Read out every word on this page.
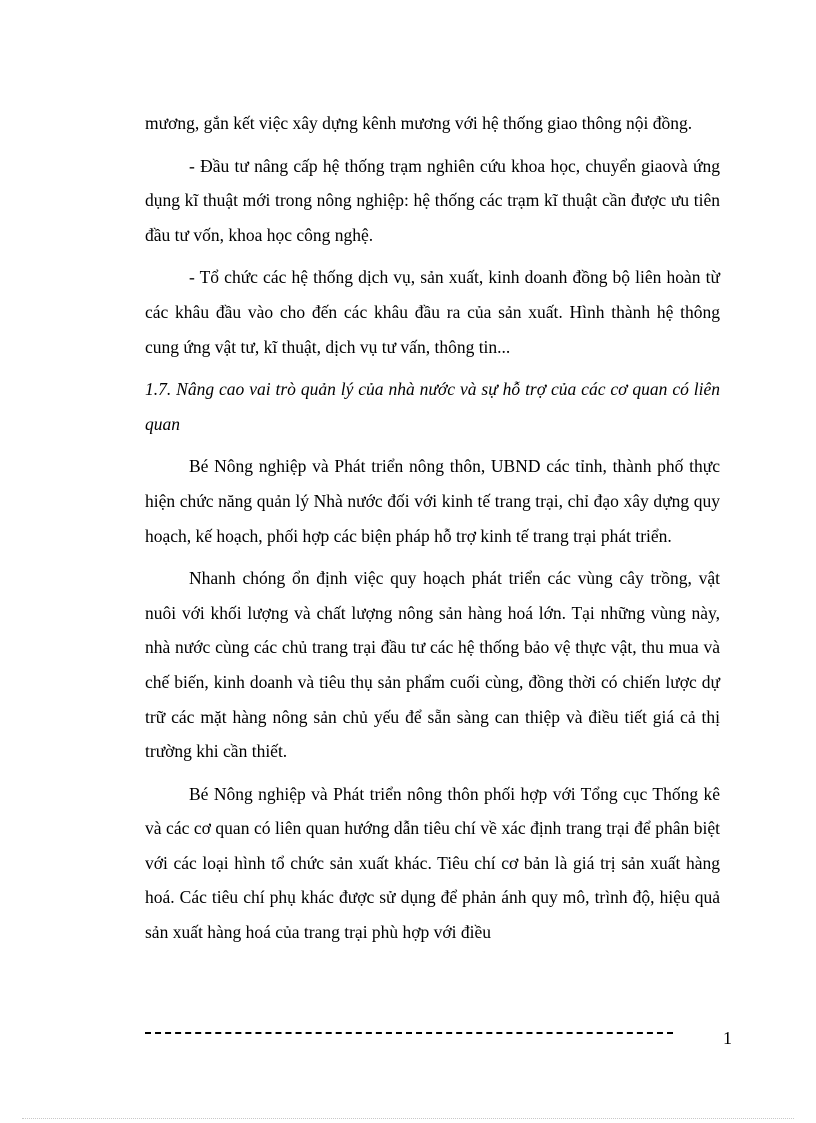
mương, gắn kết việc xây dựng kênh mương với hệ thống giao thông nội đồng.

- Đầu tư nâng cấp hệ thống trạm nghiên cứu khoa học, chuyển giaovà ứng dụng kĩ thuật mới trong nông nghiệp: hệ thống các trạm kĩ thuật cần được ưu tiên đầu tư vốn, khoa học công nghệ.

- Tổ chức các hệ thống dịch vụ, sản xuất, kinh doanh đồng bộ liên hoàn từ các khâu đầu vào cho đến các khâu đầu ra của sản xuất. Hình thành hệ thông cung ứng vật tư, kĩ thuật, dịch vụ tư vấn, thông tin...

1.7. Nâng cao vai trò quản lý của nhà nước và sự hỗ trợ của các cơ quan có liên quan

Bé Nông nghiệp và Phát triển nông thôn, UBND các tỉnh, thành phố thực hiện chức năng quản lý Nhà nước đối với kinh tế trang trại, chỉ đạo xây dựng quy hoạch, kế hoạch, phối hợp các biện pháp hỗ trợ kinh tế trang trại phát triển.

Nhanh chóng ổn định việc quy hoạch phát triển các vùng cây trồng, vật nuôi với khối lượng và chất lượng nông sản hàng hoá lớn. Tại những vùng này, nhà nước cùng các chủ trang trại đầu tư các hệ thống bảo vệ thực vật, thu mua và chế biến, kinh doanh và tiêu thụ sản phẩm cuối cùng, đồng thời có chiến lược dự trữ các mặt hàng nông sản chủ yếu để sẵn sàng can thiệp và điều tiết giá cả thị trường khi cần thiết.

Bé Nông nghiệp và Phát triển nông thôn phối hợp với Tổng cục Thống kê và các cơ quan có liên quan hướng dẫn tiêu chí về xác định trang trại để phân biệt với các loại hình tổ chức sản xuất khác. Tiêu chí cơ bản là giá trị sản xuất hàng hoá. Các tiêu chí phụ khác được sử dụng để phản ánh quy mô, trình độ, hiệu quả sản xuất hàng hoá của trang trại phù hợp với điều

1
